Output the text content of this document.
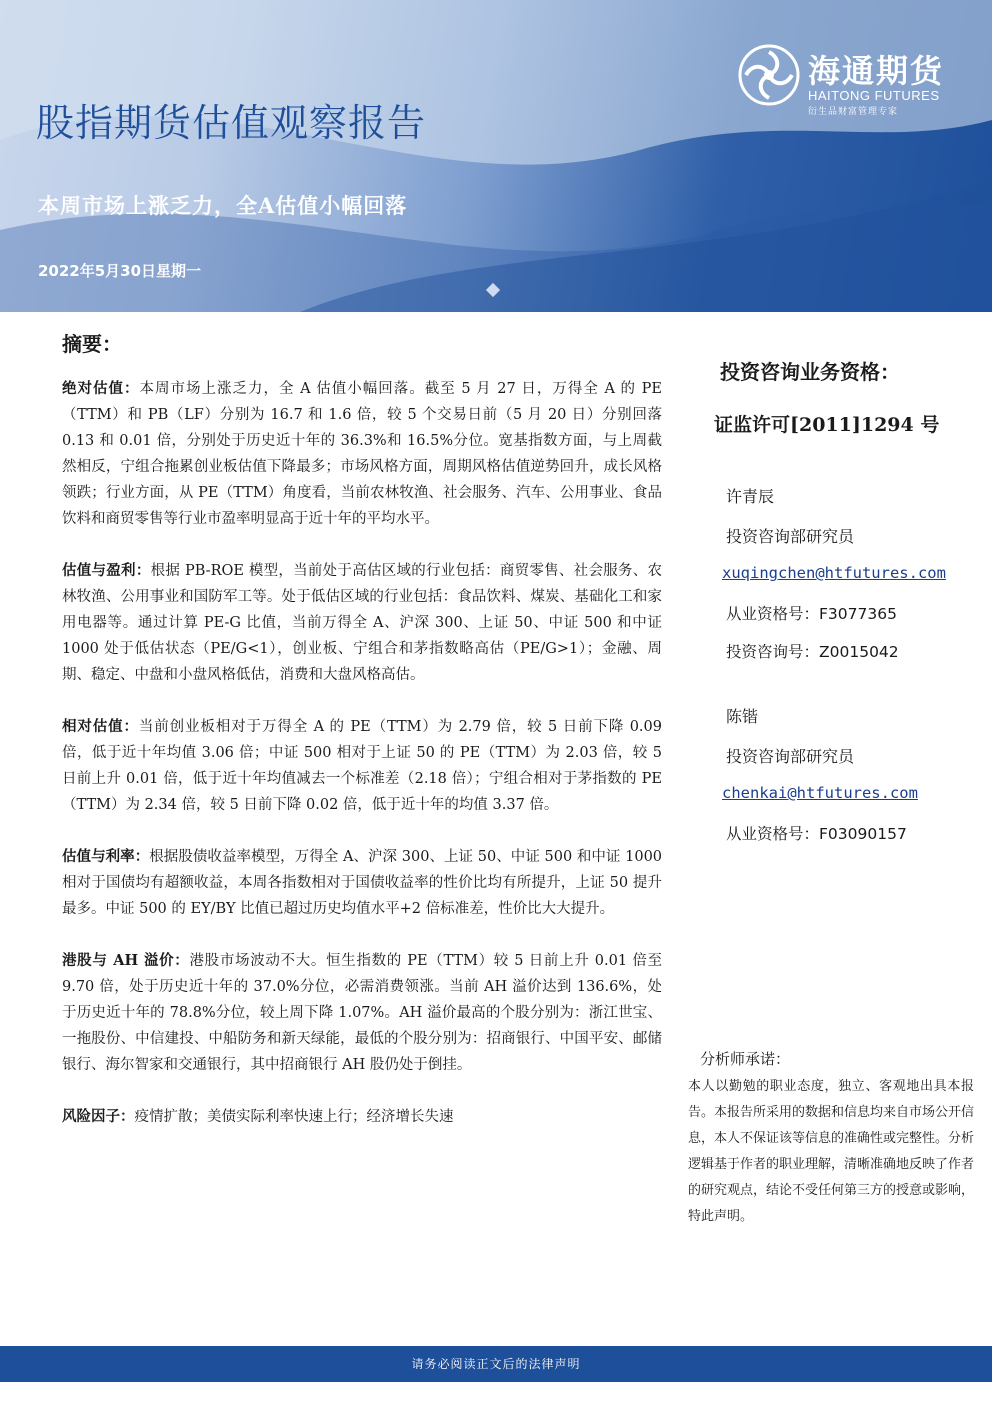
海通期货
HAITONG FUTURES
衍生品财富管理专家
股指期货估值观察报告
本周市场上涨乏力，全A估值小幅回落
2022年5月30日星期一
摘要：

绝对估值：本周市场上涨乏力，全 A 估值小幅回落。截至 5 月 27 日，万得全 A 的 PE（TTM）和 PB（LF）分别为 16.7 和 1.6 倍，较 5 个交易日前（5 月 20 日）分别回落 0.13 和 0.01 倍，分别处于历史近十年的 36.3%和 16.5%分位。宽基指数方面，与上周截然相反，宁组合拖累创业板估值下降最多；市场风格方面，周期风格估值逆势回升，成长风格领跌；行业方面，从 PE（TTM）角度看，当前农林牧渔、社会服务、汽车、公用事业、食品饮料和商贸零售等行业市盈率明显高于近十年的平均水平。

估值与盈利：根据 PB-ROE 模型，当前处于高估区域的行业包括：商贸零售、社会服务、农林牧渔、公用事业和国防军工等。处于低估区域的行业包括：食品饮料、煤炭、基础化工和家用电器等。通过计算 PE-G 比值，当前万得全 A、沪深 300、上证 50、中证 500 和中证 1000 处于低估状态（PE/G<1），创业板、宁组合和茅指数略高估（PE/G>1）；金融、周期、稳定、中盘和小盘风格低估，消费和大盘风格高估。

相对估值：当前创业板相对于万得全 A 的 PE（TTM）为 2.79 倍，较 5 日前下降 0.09 倍，低于近十年均值 3.06 倍；中证 500 相对于上证 50 的 PE（TTM）为 2.03 倍，较 5 日前上升 0.01 倍，低于近十年均值减去一个标准差（2.18 倍）；宁组合相对于茅指数的 PE（TTM）为 2.34 倍，较 5 日前下降 0.02 倍，低于近十年的均值 3.37 倍。

估值与利率：根据股债收益率模型，万得全 A、沪深 300、上证 50、中证 500 和中证 1000 相对于国债均有超额收益，本周各指数相对于国债收益率的性价比均有所提升，上证 50 提升最多。中证 500 的 EY/BY 比值已超过历史均值水平+2 倍标准差，性价比大大提升。

港股与 AH 溢价：港股市场波动不大。恒生指数的 PE（TTM）较 5 日前上升 0.01 倍至 9.70 倍，处于历史近十年的 37.0%分位，必需消费领涨。当前 AH 溢价达到 136.6%，处于历史近十年的 78.8%分位，较上周下降 1.07%。AH 溢价最高的个股分别为：浙江世宝、一拖股份、中信建投、中船防务和新天绿能，最低的个股分别为：招商银行、中国平安、邮储银行、海尔智家和交通银行，其中招商银行 AH 股仍处于倒挂。

风险因子：疫情扩散；美债实际利率快速上行；经济增长失速

投资咨询业务资格：
证监许可[2011]1294 号
许青辰
投资咨询部研究员
xuqingchen@htfutures.com
从业资格号：F3077365
投资咨询号：Z0015042
陈锴
投资咨询部研究员
chenkai@htfutures.com
从业资格号：F03090157
分析师承诺：
本人以勤勉的职业态度，独立、客观地出具本报告。本报告所采用的数据和信息均来自市场公开信息，本人不保证该等信息的准确性或完整性。分析逻辑基于作者的职业理解，清晰准确地反映了作者的研究观点，结论不受任何第三方的授意或影响，特此声明。
请务必阅读正文后的法律声明
